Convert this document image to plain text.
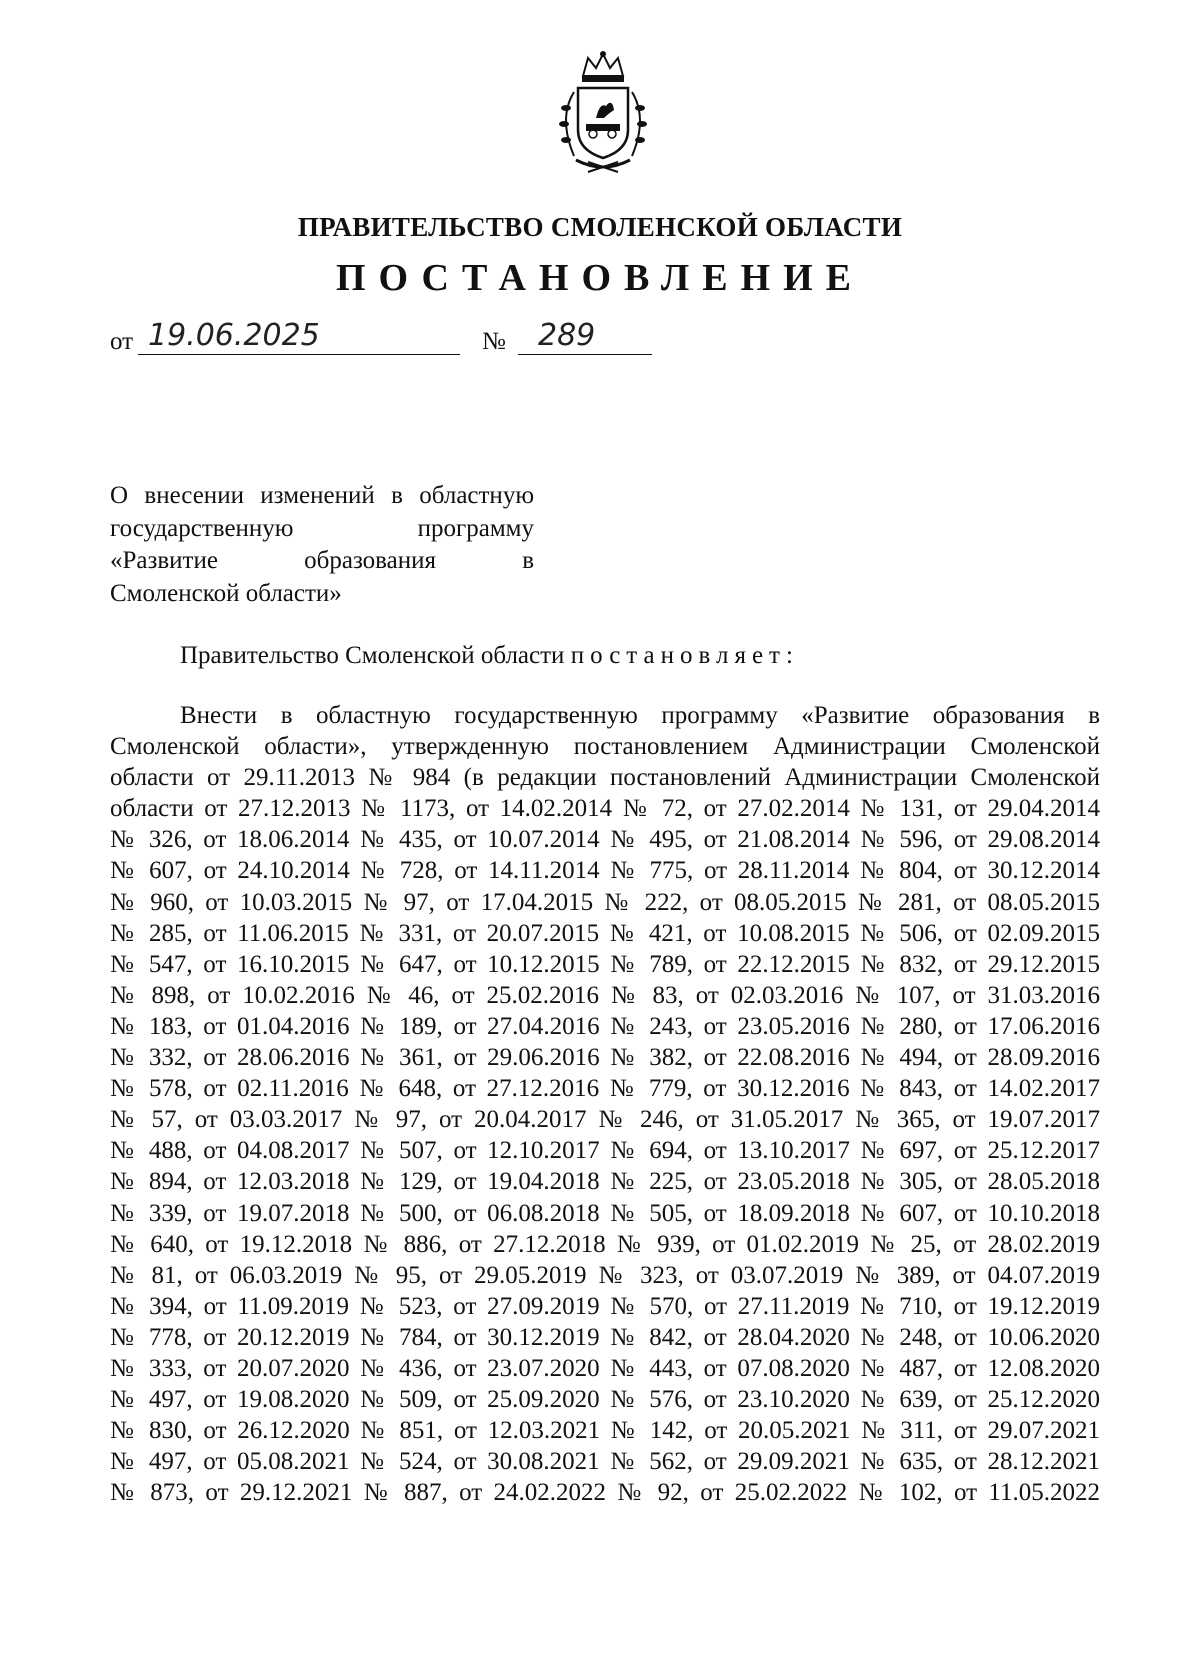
ПРАВИТЕЛЬСТВО СМОЛЕНСКОЙ ОБЛАСТИ
ПОСТАНОВЛЕНИЕ
от 19.06.2025	№	289
О внесении изменений в областную
государственную программу
«Развитие образования в
Смоленской области»
Правительство Смоленской области постановляет:
Внести в областную государственную программу «Развитие образования в
Смоленской области», утвержденную постановлением Администрации Смоленской
области от 29.11.2013 № 984 (в редакции постановлений Администрации Смоленской
области от 27.12.2013 № 1173, от 14.02.2014 № 72, от 27.02.2014 № 131, от 29.04.2014
№ 326, от 18.06.2014 № 435, от 10.07.2014 № 495, от 21.08.2014 № 596, от 29.08.2014
№ 607, от 24.10.2014 № 728, от 14.11.2014 № 775, от 28.11.2014 № 804, от 30.12.2014
№ 960, от 10.03.2015 № 97, от 17.04.2015 № 222, от 08.05.2015 № 281, от 08.05.2015
№ 285, от 11.06.2015 № 331, от 20.07.2015 № 421, от 10.08.2015 № 506, от 02.09.2015
№ 547, от 16.10.2015 № 647, от 10.12.2015 № 789, от 22.12.2015 № 832, от 29.12.2015
№ 898, от 10.02.2016 № 46, от 25.02.2016 № 83, от 02.03.2016 № 107, от 31.03.2016
№ 183, от 01.04.2016 № 189, от 27.04.2016 № 243, от 23.05.2016 № 280, от 17.06.2016
№ 332, от 28.06.2016 № 361, от 29.06.2016 № 382, от 22.08.2016 № 494, от 28.09.2016
№ 578, от 02.11.2016 № 648, от 27.12.2016 № 779, от 30.12.2016 № 843, от 14.02.2017
№ 57, от 03.03.2017 № 97, от 20.04.2017 № 246, от 31.05.2017 № 365, от 19.07.2017
№ 488, от 04.08.2017 № 507, от 12.10.2017 № 694, от 13.10.2017 № 697, от 25.12.2017
№ 894, от 12.03.2018 № 129, от 19.04.2018 № 225, от 23.05.2018 № 305, от 28.05.2018
№ 339, от 19.07.2018 № 500, от 06.08.2018 № 505, от 18.09.2018 № 607, от 10.10.2018
№ 640, от 19.12.2018 № 886, от 27.12.2018 № 939, от 01.02.2019 № 25, от 28.02.2019
№ 81, от 06.03.2019 № 95, от 29.05.2019 № 323, от 03.07.2019 № 389, от 04.07.2019
№ 394, от 11.09.2019 № 523, от 27.09.2019 № 570, от 27.11.2019 № 710, от 19.12.2019
№ 778, от 20.12.2019 № 784, от 30.12.2019 № 842, от 28.04.2020 № 248, от 10.06.2020
№ 333, от 20.07.2020 № 436, от 23.07.2020 № 443, от 07.08.2020 № 487, от 12.08.2020
№ 497, от 19.08.2020 № 509, от 25.09.2020 № 576, от 23.10.2020 № 639, от 25.12.2020
№ 830, от 26.12.2020 № 851, от 12.03.2021 № 142, от 20.05.2021 № 311, от 29.07.2021
№ 497, от 05.08.2021 № 524, от 30.08.2021 № 562, от 29.09.2021 № 635, от 28.12.2021
№ 873, от 29.12.2021 № 887, от 24.02.2022 № 92, от 25.02.2022 № 102, от 11.05.2022
